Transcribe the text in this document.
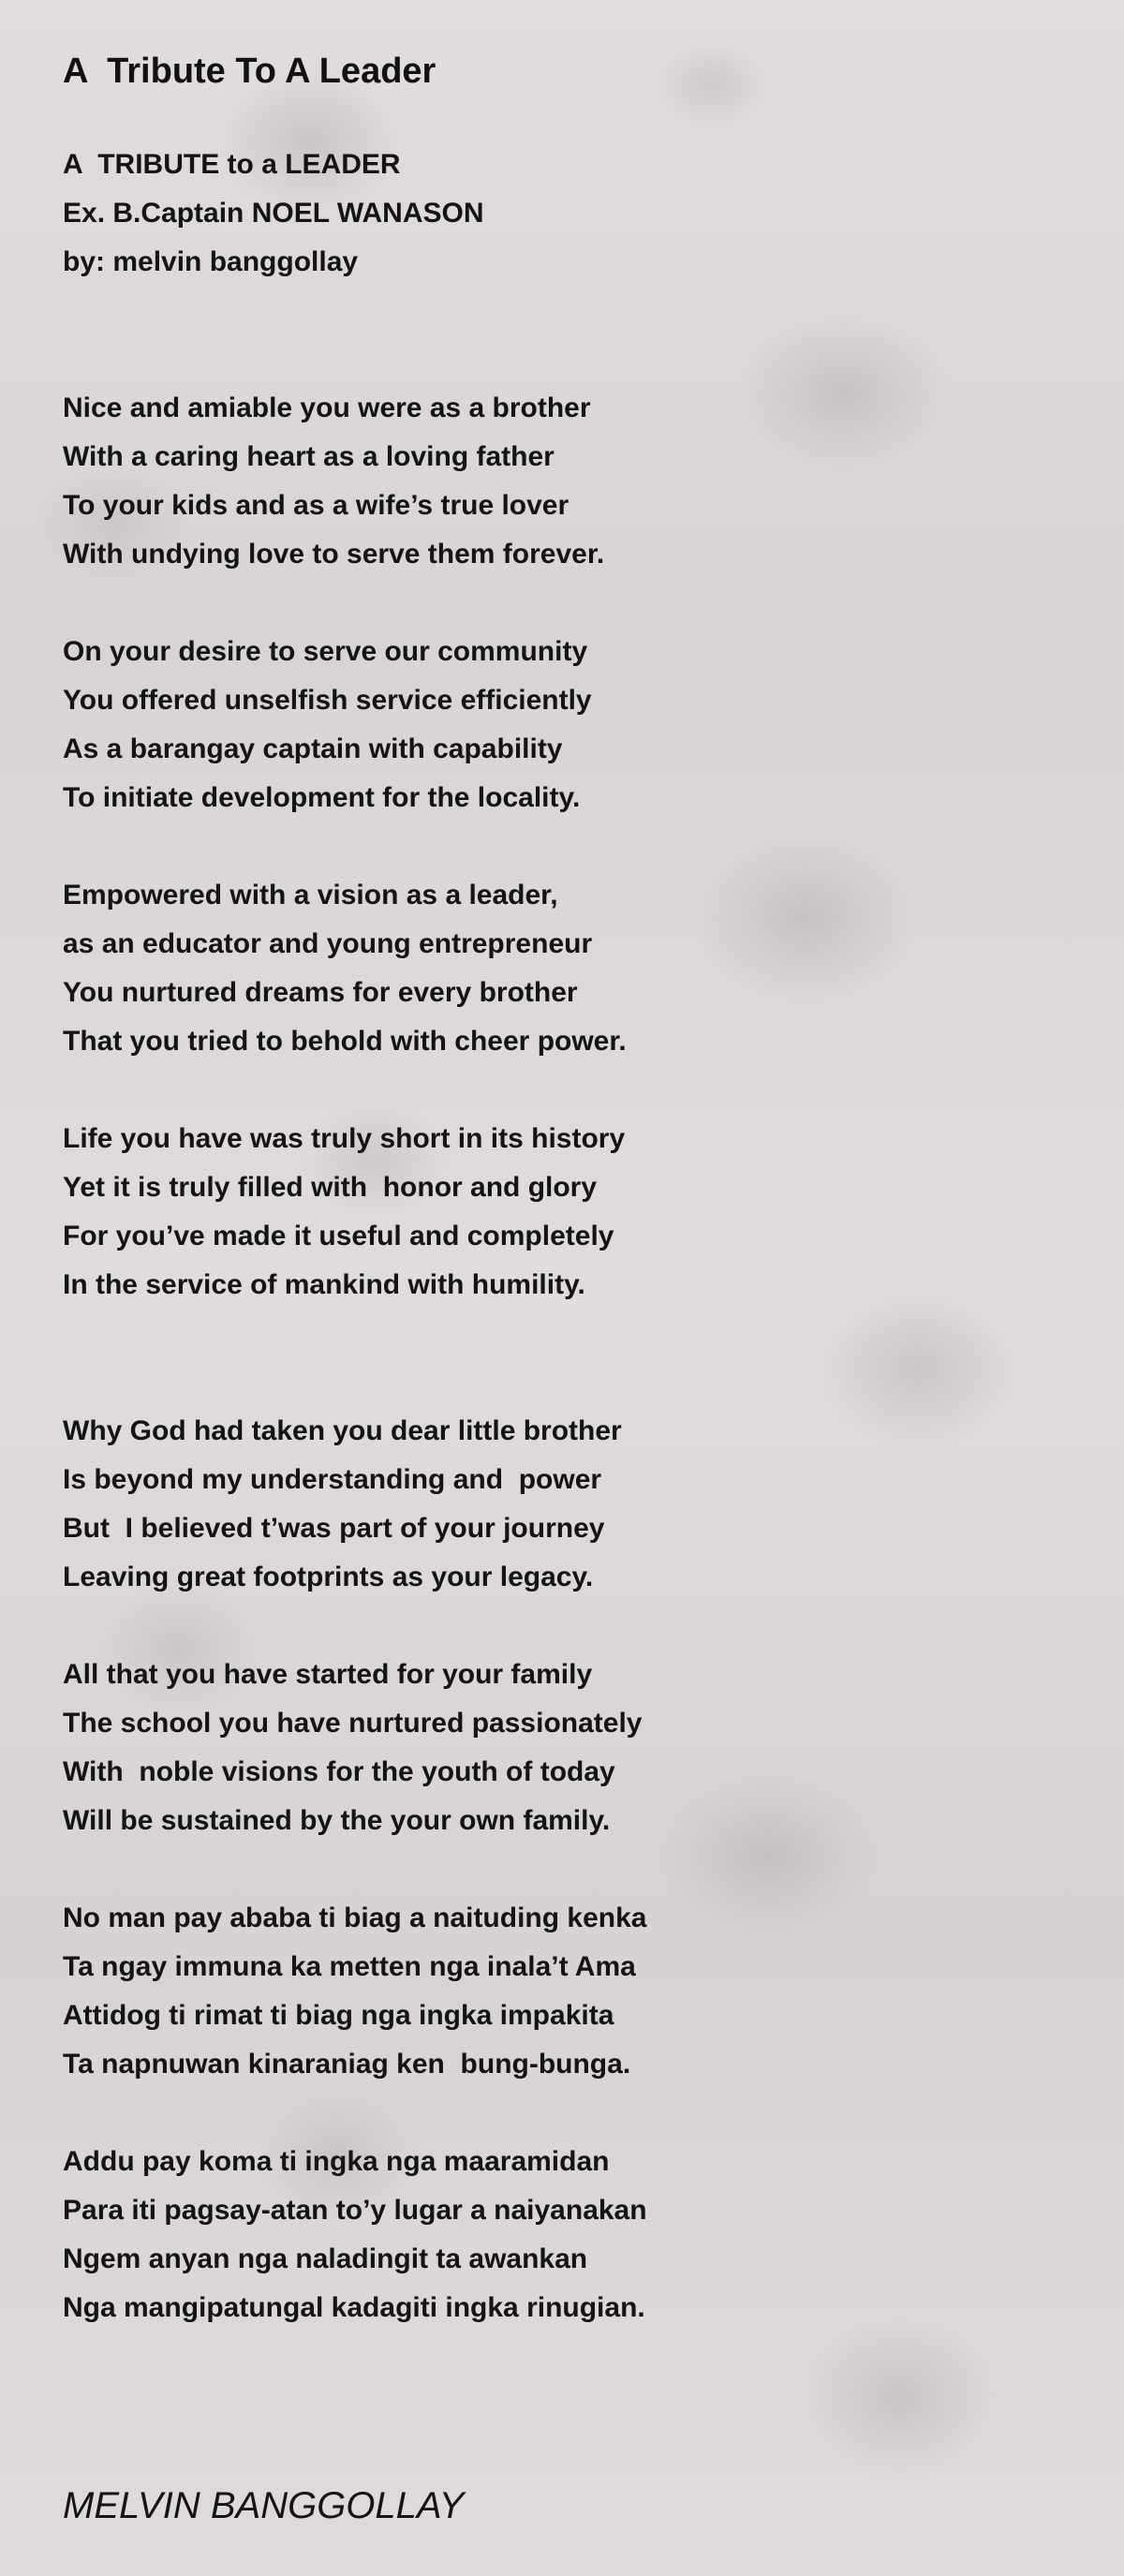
A  Tribute To A Leader
A  TRIBUTE to a LEADER
Ex. B.Captain NOEL WANASON
by: melvin banggollay
Nice and amiable you were as a brother
With a caring heart as a loving father
To your kids and as a wife’s true lover
With undying love to serve them forever.
On your desire to serve our community
You offered unselfish service efficiently
As a barangay captain with capability
To initiate development for the locality.
Empowered with a vision as a leader,
as an educator and young entrepreneur
You nurtured dreams for every brother
That you tried to behold with cheer power.
Life you have was truly short in its history
Yet it is truly filled with  honor and glory
For you’ve made it useful and completely
In the service of mankind with humility.
Why God had taken you dear little brother
Is beyond my understanding and  power
But  I believed t’was part of your journey
Leaving great footprints as your legacy.
All that you have started for your family
The school you have nurtured passionately
With  noble visions for the youth of today
Will be sustained by the your own family.
No man pay ababa ti biag a naituding kenka
Ta ngay immuna ka metten nga inala’t Ama
Attidog ti rimat ti biag nga ingka impakita
Ta napnuwan kinaraniag ken  bung-bunga.
Addu pay koma ti ingka nga maaramidan
Para iti pagsay-atan to’y lugar a naiyanakan
Ngem anyan nga naladingit ta awankan
Nga mangipatungal kadagiti ingka rinugian.
MELVIN BANGGOLLAY
